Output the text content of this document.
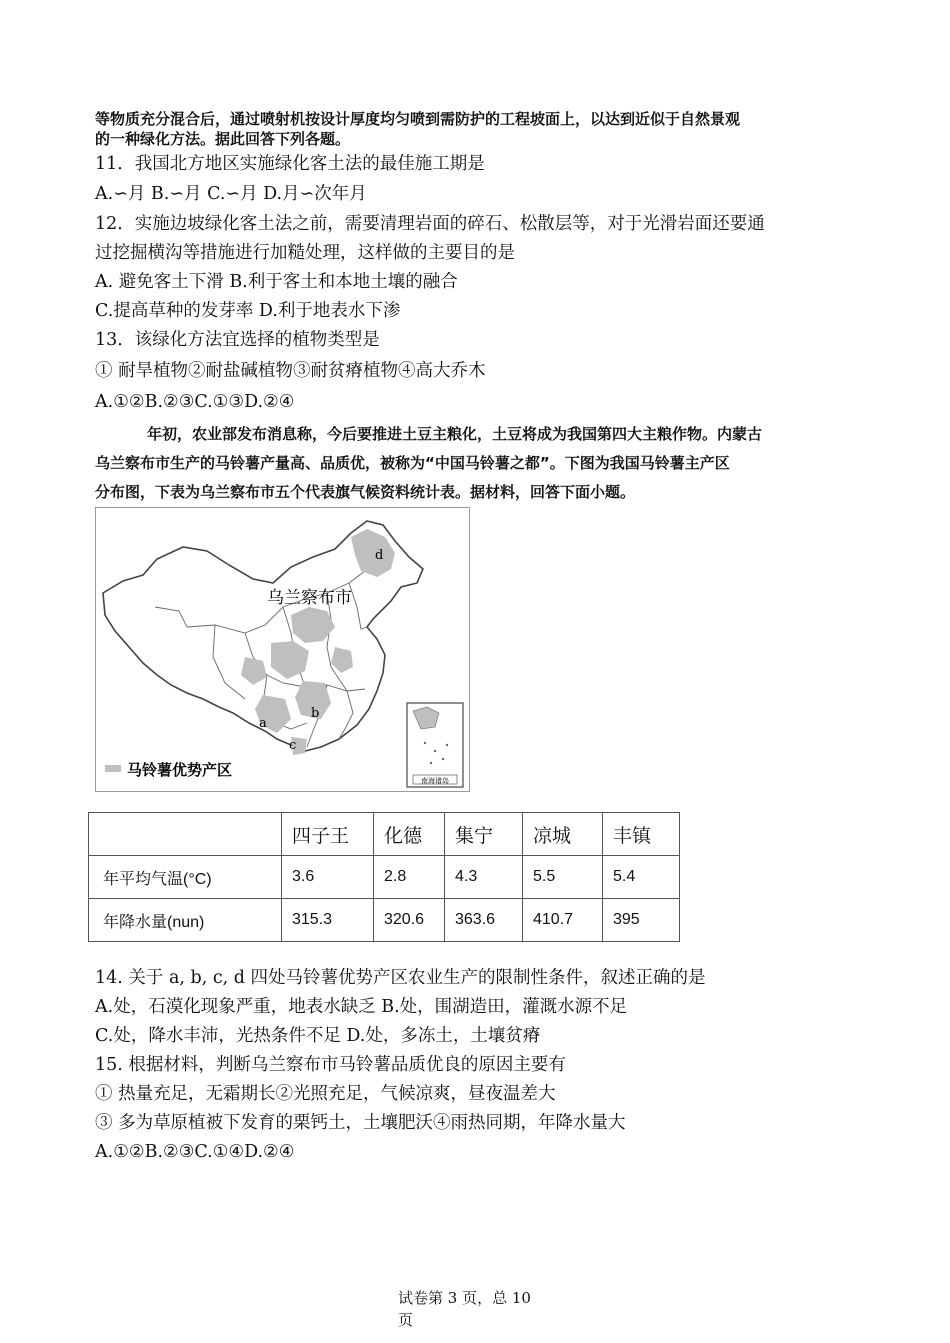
等物质充分混合后，通过喷射机按设计厚度均匀喷到需防护的工程坡面上，以达到近似于自然景观
的一种绿化方法。据此回答下列各题。
11．我国北方地区实施绿化客土法的最佳施工期是
A.∽月 B.∽月 C.∽月 D.月∽次年月
12．实施边坡绿化客土法之前，需要清理岩面的碎石、松散层等，对于光滑岩面还要通
过挖掘横沟等措施进行加糙处理，这样做的主要目的是
A. 避免客土下滑 B.利于客土和本地土壤的融合
C.提高草种的发芽率 D.利于地表水下渗
13．该绿化方法宜选择的植物类型是
① 耐旱植物②耐盐碱植物③耐贫瘠植物④高大乔木
A.①②B.②③C.①③D.②④
年初，农业部发布消息称，今后要推进土豆主粮化，土豆将成为我国第四大主粮作物。内蒙古
乌兰察布市生产的马铃薯产量高、品质优，被称为“中国马铃薯之都”。下图为我国马铃薯主产区
分布图，下表为乌兰察布市五个代表旗气候资料统计表。据材料，回答下面小题。
南海诸岛
乌兰察布市
d
a
b
c
马铃薯优势产区
	四子王	化德	集宁	凉城	丰镇
年平均气温(°C)	3.6	2.8	4.3	5.5	5.4
年降水量(nun)	315.3	320.6	363.6	410.7	395
14. 关于 a, b, c, d 四处马铃薯优势产区农业生产的限制性条件，叙述正确的是
A.处，石漠化现象严重，地表水缺乏 B.处，围湖造田，灌溉水源不足
C.处，降水丰沛，光热条件不足 D.处，多冻土，土壤贫瘠
15. 根据材料，判断乌兰察布市马铃薯品质优良的原因主要有
① 热量充足，无霜期长②光照充足，气候凉爽，昼夜温差大
③ 多为草原植被下发育的栗钙土，土壤肥沃④雨热同期，年降水量大
A.①②B.②③C.①④D.②④
试卷第 3 页，总 10
页
